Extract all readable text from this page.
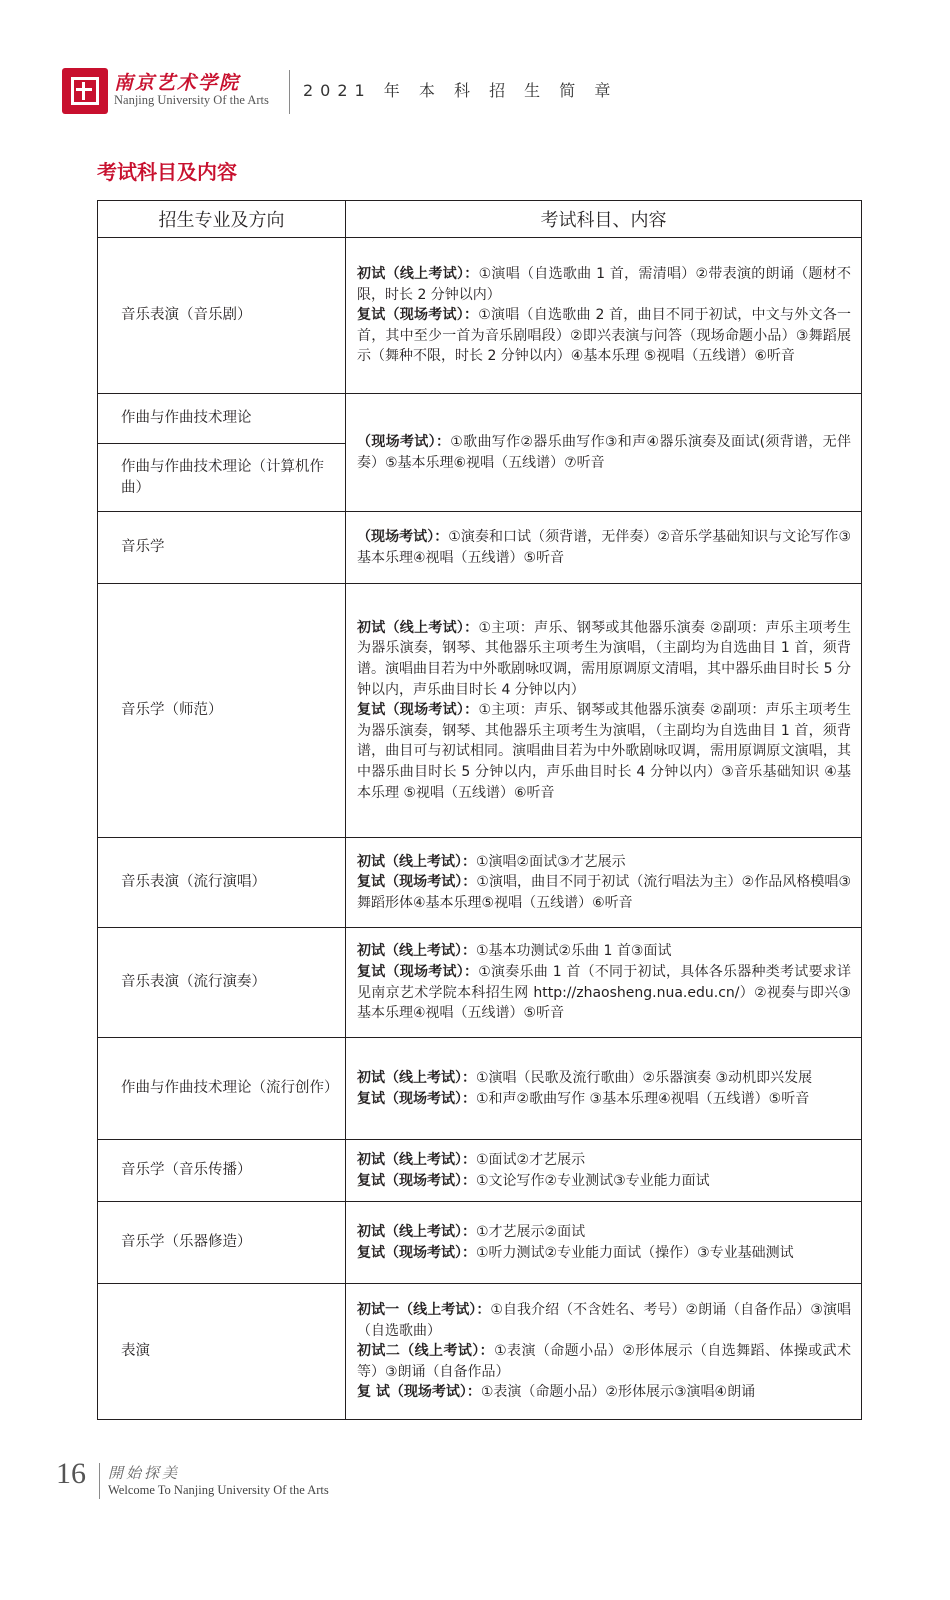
南京艺术学院
Nanjing University Of the Arts 2021 年 本 科 招 生 简 章
考试科目及内容
招生专业及方向	考试科目、内容
音乐表演（音乐剧）	初试（线上考试）：①演唱（自选歌曲 1 首，需清唱）②带表演的朗诵（题材不限，时长 2 分钟以内）
复试（现场考试）：①演唱（自选歌曲 2 首，曲目不同于初试，中文与外文各一首，其中至少一首为音乐剧唱段）②即兴表演与问答（现场命题小品）③舞蹈展示（舞种不限，时长 2 分钟以内）④基本乐理 ⑤视唱（五线谱）⑥听音

作曲与作曲技术理论	（现场考试）：①歌曲写作②器乐曲写作③和声④器乐演奏及面试(须背谱，无伴奏）⑤基本乐理⑥视唱（五线谱）⑦听音

作曲与作曲技术理论（计算机作曲）	
音乐学	（现场考试）：①演奏和口试（须背谱，无伴奏）②音乐学基础知识与文论写作③基本乐理④视唱（五线谱）⑤听音

音乐学（师范）	初试（线上考试）：①主项：声乐、钢琴或其他器乐演奏 ②副项：声乐主项考生为器乐演奏，钢琴、其他器乐主项考生为演唱，（主副均为自选曲目 1 首，须背谱。演唱曲目若为中外歌剧咏叹调，需用原调原文清唱，其中器乐曲目时长 5 分钟以内，声乐曲目时长 4 分钟以内）
复试（现场考试）：①主项：声乐、钢琴或其他器乐演奏 ②副项：声乐主项考生为器乐演奏，钢琴、其他器乐主项考生为演唱，（主副均为自选曲目 1 首，须背谱，曲目可与初试相同。演唱曲目若为中外歌剧咏叹调，需用原调原文演唱，其中器乐曲目时长 5 分钟以内，声乐曲目时长 4 分钟以内）③音乐基础知识 ④基本乐理 ⑤视唱（五线谱）⑥听音

音乐表演（流行演唱）	初试（线上考试）：①演唱②面试③才艺展示
复试（现场考试）：①演唱，曲目不同于初试（流行唱法为主）②作品风格模唱③舞蹈形体④基本乐理⑤视唱（五线谱）⑥听音

音乐表演（流行演奏）	初试（线上考试）：①基本功测试②乐曲 1 首③面试
复试（现场考试）：①演奏乐曲 1 首（不同于初试，具体各乐器种类考试要求详见南京艺术学院本科招生网 http://zhaosheng.nua.edu.cn/）②视奏与即兴③基本乐理④视唱（五线谱）⑤听音

作曲与作曲技术理论（流行创作）	初试（线上考试）：①演唱（民歌及流行歌曲）②乐器演奏 ③动机即兴发展
复试（现场考试）：①和声②歌曲写作 ③基本乐理④视唱（五线谱）⑤听音

音乐学（音乐传播）	初试（线上考试）：①面试②才艺展示
复试（现场考试）：①文论写作②专业测试③专业能力面试

音乐学（乐器修造）	初试（线上考试）：①才艺展示②面试
复试（现场考试）：①听力测试②专业能力面试（操作）③专业基础测试

表演	初试一（线上考试）：①自我介绍（不含姓名、考号）②朗诵（自备作品）③演唱（自选歌曲）
初试二（线上考试）：①表演（命题小品）②形体展示（自选舞蹈、体操或武术等）③朗诵（自备作品）
复 试（现场考试）：①表演（命题小品）②形体展示③演唱④朗诵
16 開始探美
Welcome To Nanjing University Of the Arts
